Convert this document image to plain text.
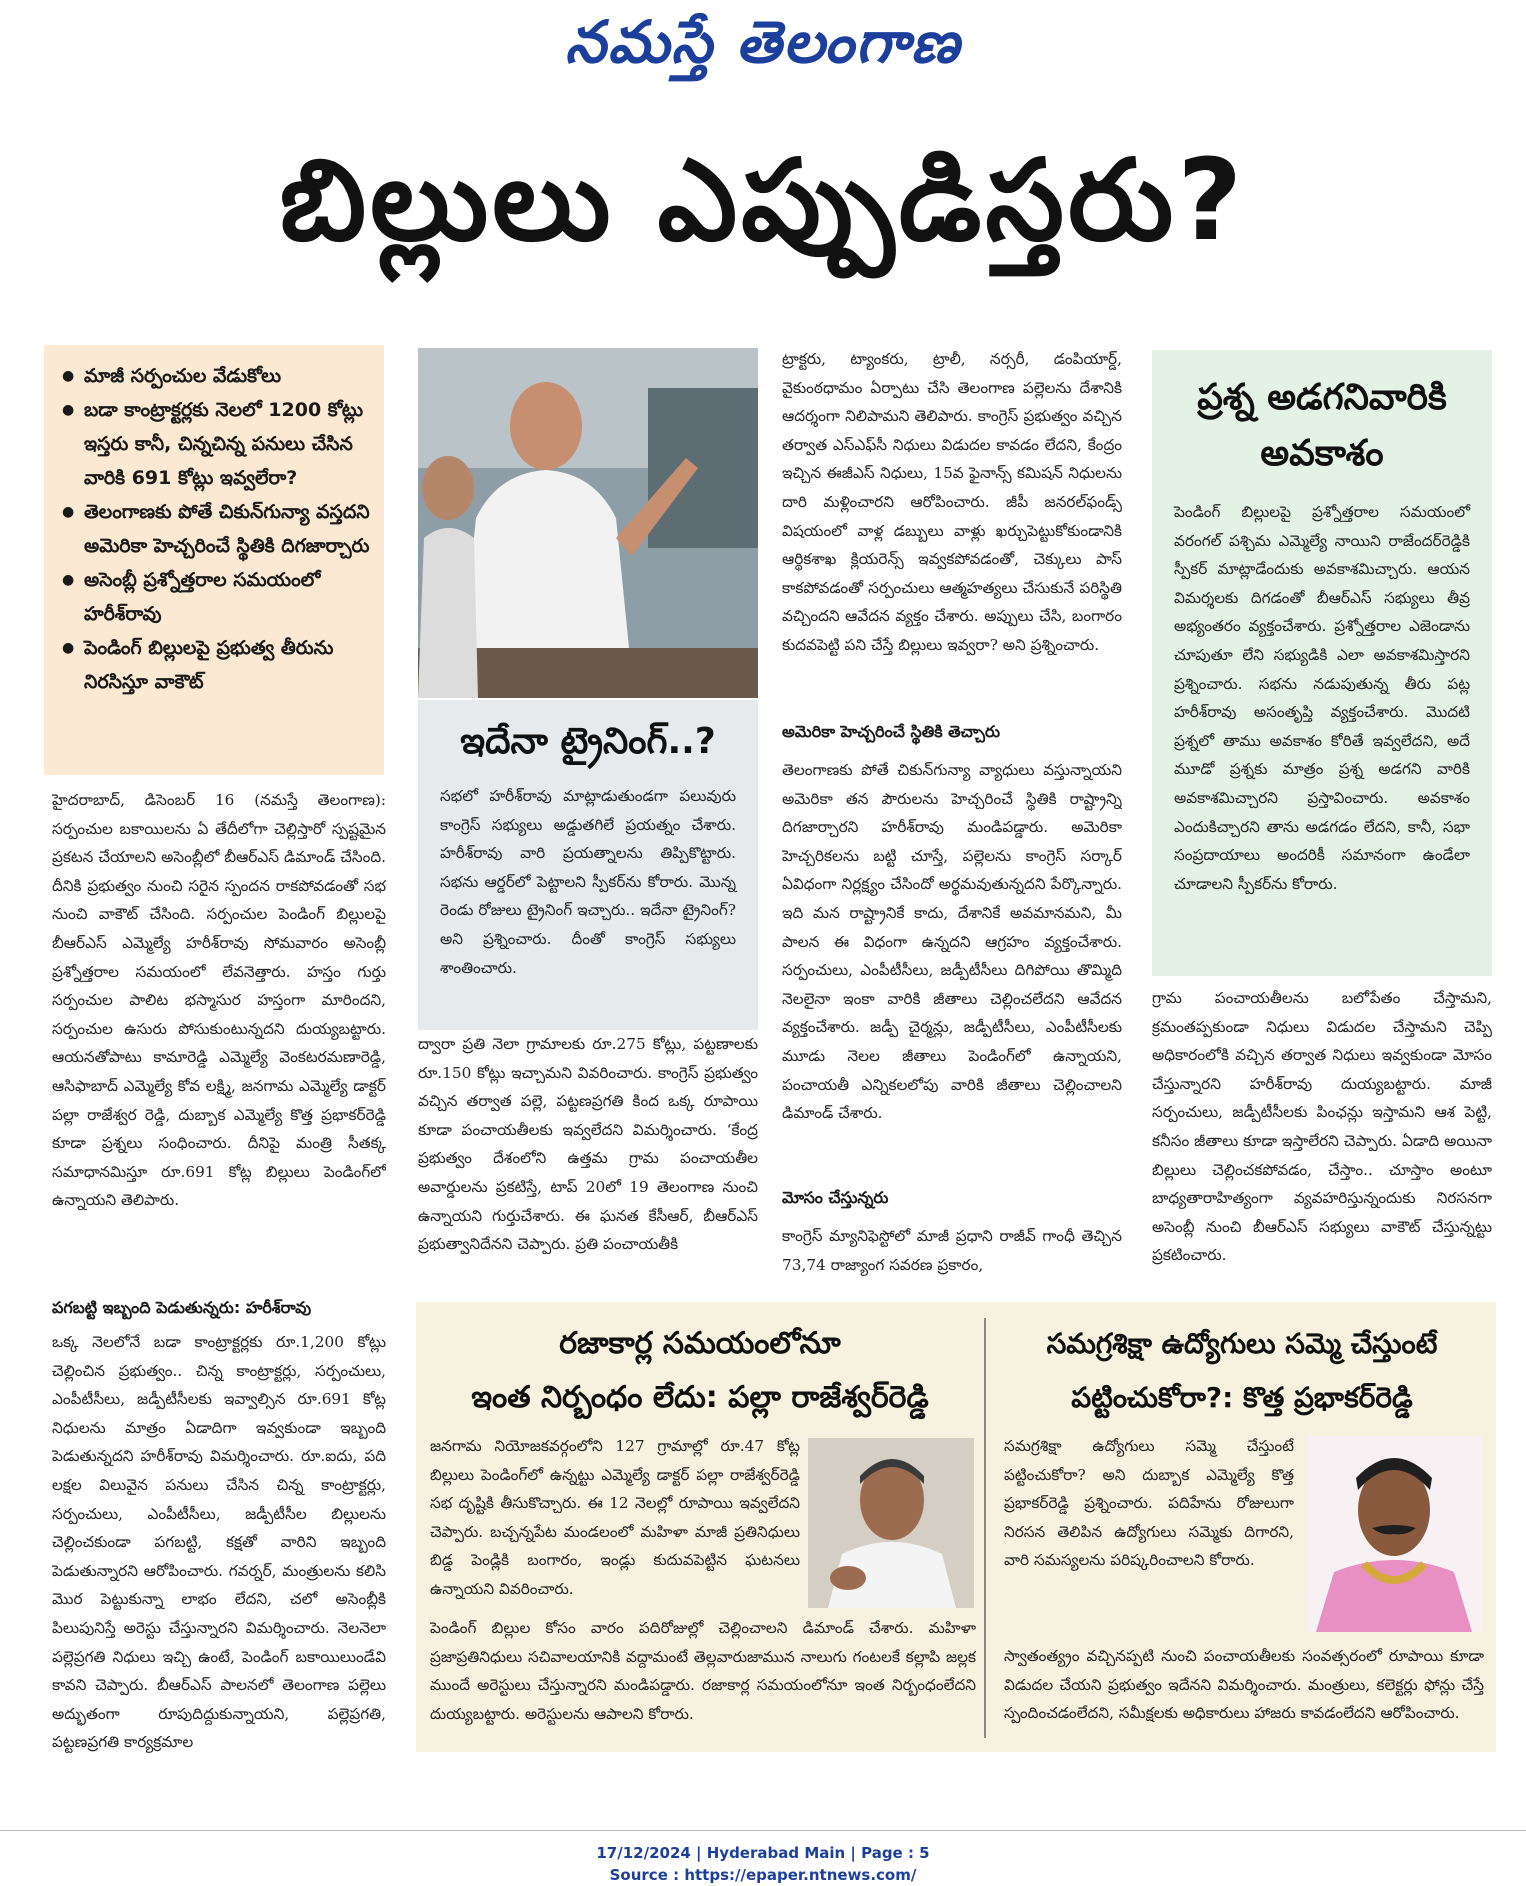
నమస్తే తెలంగాణ
బిల్లులు ఎప్పుడిస్తరు?
● మాజీ సర్పంచుల వేడుకోలు
● బడా కాంట్రాక్టర్లకు నెలలో 1200 కోట్లు ఇస్తరు కానీ, చిన్నచిన్న పనులు చేసిన వారికి 691 కోట్లు ఇవ్వలేరా?
● తెలంగాణకు పోతే చికున్‌గున్యా వస్తదని అమెరికా హెచ్చరించే స్థితికి దిగజార్చారు
● అసెంబ్లీ ప్రశ్నోత్తరాల సమయంలో హరీశ్‌రావు
● పెండింగ్ బిల్లులపై ప్రభుత్వ తీరును నిరసిస్తూ వాకౌట్
హైదరాబాద్, డిసెంబర్ 16 (నమస్తే తెలంగాణ): సర్పంచుల బకాయిలను ఏ తేదీలోగా చెల్లిస్తారో స్పష్టమైన ప్రకటన చేయాలని అసెంబ్లీలో బీఆర్‌ఎస్ డిమాండ్ చేసింది. దీనికి ప్రభుత్వం నుంచి సరైన స్పందన రాకపోవడంతో సభ నుంచి వాకౌట్ చేసింది. సర్పంచుల పెండింగ్ బిల్లులపై బీఆర్‌ఎస్ ఎమ్మెల్యే హరీశ్‌రావు సోమవారం అసెంబ్లీ ప్రశ్నోత్తరాల సమయంలో లేవనెత్తారు. హస్తం గుర్తు సర్పంచుల పాలిట భస్మాసుర హస్తంగా మారిందని, సర్పంచుల ఉసురు పోసుకుంటున్నదని దుయ్యబట్టారు. ఆయనతోపాటు కామారెడ్డి ఎమ్మెల్యే వెంకటరమణారెడ్డి, ఆసిఫాబాద్ ఎమ్మెల్యే కోవ లక్ష్మి, జనగామ ఎమ్మెల్యే డాక్టర్ పల్లా రాజేశ్వర రెడ్డి, దుబ్బాక ఎమ్మెల్యే కొత్త ప్రభాకర్‌రెడ్డి కూడా ప్రశ్నలు సంధించారు. దీనిపై మంత్రి సీతక్క సమాధానమిస్తూ రూ.691 కోట్ల బిల్లులు పెండింగ్‌లో ఉన్నాయని తెలిపారు.
పగబట్టి ఇబ్బంది పెడుతున్నరు: హరీశ్‌రావు
ఒక్క నెలలోనే బడా కాంట్రాక్టర్లకు రూ.1,200 కోట్లు చెల్లించిన ప్రభుత్వం.. చిన్న కాంట్రాక్టర్లు, సర్పంచులు, ఎంపీటీసీలు, జడ్పీటీసీలకు ఇవ్వాల్సిన రూ.691 కోట్ల నిధులను మాత్రం ఏడాదిగా ఇవ్వకుండా ఇబ్బంది పెడుతున్నదని హరీశ్‌రావు విమర్శించారు. రూ.ఐదు, పది లక్షల విలువైన పనులు చేసిన చిన్న కాంట్రాక్టర్లు, సర్పంచులు, ఎంపీటీసీలు, జడ్పీటీసీల బిల్లులను చెల్లించకుండా పగబట్టి, కక్షతో వారిని ఇబ్బంది పెడుతున్నారని ఆరోపించారు. గవర్నర్, మంత్రులను కలిసి మొర పెట్టుకున్నా లాభం లేదని, చలో అసెంబ్లీకి పిలుపునిస్తే అరెస్టు చేస్తున్నారని విమర్శించారు. నెలనెలా పల్లెప్రగతి నిధులు ఇచ్చి ఉంటే, పెండింగ్ బకాయిలుండేవి కావని చెప్పారు. బీఆర్‌ఎస్ పాలనలో తెలంగాణ పల్లెలు అద్భుతంగా రూపుదిద్దుకున్నాయని, పల్లెప్రగతి, పట్టణప్రగతి కార్యక్రమాల
ఇదేనా ట్రైనింగ్..?
సభలో హరీశ్‌రావు మాట్లాడుతుండగా పలువురు కాంగ్రెస్ సభ్యులు అడ్డుతగిలే ప్రయత్నం చేశారు. హరీశ్‌రావు వారి ప్రయత్నాలను తిప్పికొట్టారు. సభను ఆర్డర్‌లో పెట్టాలని స్పీకర్‌ను కోరారు. మొన్న రెండు రోజులు ట్రైనింగ్ ఇచ్చారు.. ఇదేనా ట్రైనింగ్? అని ప్రశ్నించారు. దీంతో కాంగ్రెస్ సభ్యులు శాంతించారు.
ద్వారా ప్రతి నెలా గ్రామాలకు రూ.275 కోట్లు, పట్టణాలకు రూ.150 కోట్లు ఇచ్చామని వివరించారు. కాంగ్రెస్ ప్రభుత్వం వచ్చిన తర్వాత పల్లె, పట్టణప్రగతి కింద ఒక్క రూపాయి కూడా పంచాయతీలకు ఇవ్వలేదని విమర్శించారు. ‘కేంద్ర ప్రభుత్వం దేశంలోని ఉత్తమ గ్రామ పంచాయతీల అవార్డులను ప్రకటిస్తే, టాప్ 20లో 19 తెలంగాణ నుంచి ఉన్నాయని గుర్తుచేశారు. ఈ ఘనత కేసీఆర్, బీఆర్‌ఎస్ ప్రభుత్వానిదేనని చెప్పారు. ప్రతి పంచాయతీకి
ట్రాక్టరు, ట్యాంకరు, ట్రాలీ, నర్సరీ, డంపియార్డ్, వైకుంఠధామం ఏర్పాటు చేసి తెలంగాణ పల్లెలను దేశానికి ఆదర్శంగా నిలిపామని తెలిపారు. కాంగ్రెస్ ప్రభుత్వం వచ్చిన తర్వాత ఎస్‌ఎఫ్‌సీ నిధులు విడుదల కావడం లేదని, కేంద్రం ఇచ్చిన ఈజీఎస్ నిధులు, 15వ ఫైనాన్స్ కమిషన్ నిధులను దారి మళ్లించారని ఆరోపించారు. జీపీ జనరల్‌ఫండ్స్ విషయంలో వాళ్ల డబ్బులు వాళ్లు ఖర్చుపెట్టుకోకుండానికి ఆర్థికశాఖ క్లియరెన్స్ ఇవ్వకపోవడంతో, చెక్కులు పాస్ కాకపోవడంతో సర్పంచులు ఆత్మహత్యలు చేసుకునే పరిస్థితి వచ్చిందని ఆవేదన వ్యక్తం చేశారు. అప్పులు చేసి, బంగారం కుదవపెట్టి పని చేస్తే బిల్లులు ఇవ్వరా? అని ప్రశ్నించారు.
అమెరికా హెచ్చరించే స్థితికి తెచ్చారు
తెలంగాణకు పోతే చికున్‌గున్యా వ్యాధులు వస్తున్నాయని అమెరికా తన పౌరులను హెచ్చరించే స్థితికి రాష్ట్రాన్ని దిగజార్చారని హరీశ్‌రావు మండిపడ్డారు. అమెరికా హెచ్చరికలను బట్టి చూస్తే, పల్లెలను కాంగ్రెస్ సర్కార్ ఏవిధంగా నిర్లక్ష్యం చేసిందో అర్థమవుతున్నదని పేర్కొన్నారు. ఇది మన రాష్ట్రానికే కాదు, దేశానికే అవమానమని, మీ పాలన ఈ విధంగా ఉన్నదని ఆగ్రహం వ్యక్తంచేశారు. సర్పంచులు, ఎంపీటీసీలు, జడ్పీటీసీలు దిగిపోయి తొమ్మిది నెలలైనా ఇంకా వారికి జీతాలు చెల్లించలేదని ఆవేదన వ్యక్తంచేశారు. జడ్పీ చైర్మన్లు, జడ్పీటీసీలు, ఎంపీటీసీలకు మూడు నెలల జీతాలు పెండింగ్‌లో ఉన్నాయని, పంచాయతీ ఎన్నికలలోపు వారికి జీతాలు చెల్లించాలని డిమాండ్ చేశారు.
మోసం చేస్తున్నరు
కాంగ్రెస్ మ్యానిఫెస్టోలో మాజీ ప్రధాని రాజీవ్ గాంధీ తెచ్చిన 73,74 రాజ్యాంగ సవరణ ప్రకారం,
ప్రశ్న అడగనివారికి అవకాశం
పెండింగ్ బిల్లులపై ప్రశ్నోత్తరాల సమయంలో వరంగల్ పశ్చిమ ఎమ్మెల్యే నాయిని రాజేందర్‌రెడ్డికి స్పీకర్ మాట్లాడేందుకు అవకాశమిచ్చారు. ఆయన విమర్శలకు దిగడంతో బీఆర్‌ఎస్ సభ్యులు తీవ్ర అభ్యంతరం వ్యక్తంచేశారు. ప్రశ్నోత్తరాల ఎజెండాను చూపుతూ లేని సభ్యుడికి ఎలా అవకాశమిస్తారని ప్రశ్నించారు. సభను నడుపుతున్న తీరు పట్ల హరీశ్‌రావు అసంతృప్తి వ్యక్తంచేశారు. మొదటి ప్రశ్నలో తాము అవకాశం కోరితే ఇవ్వలేదని, అదే మూడో ప్రశ్నకు మాత్రం ప్రశ్న అడగని వారికి అవకాశమిచ్చారని ప్రస్తావించారు. అవకాశం ఎందుకిచ్చారని తాను అడగడం లేదని, కానీ, సభా సంప్రదాయాలు అందరికీ సమానంగా ఉండేలా చూడాలని స్పీకర్‌ను కోరారు.
గ్రామ పంచాయతీలను బలోపేతం చేస్తామని, క్రమంతప్పకుండా నిధులు విడుదల చేస్తామని చెప్పి అధికారంలోకి వచ్చిన తర్వాత నిధులు ఇవ్వకుండా మోసం చేస్తున్నారని హరీశ్‌రావు దుయ్యబట్టారు. మాజీ సర్పంచులు, జడ్పీటీసీలకు పింఛన్లు ఇస్తామని ఆశ పెట్టి, కనీసం జీతాలు కూడా ఇస్తాలేరని చెప్పారు. ఏడాది అయినా బిల్లులు చెల్లించకపోవడం, చేస్తాం.. చూస్తాం అంటూ బాధ్యతారాహిత్యంగా వ్యవహరిస్తున్నందుకు నిరసనగా అసెంబ్లీ నుంచి బీఆర్‌ఎస్ సభ్యులు వాకౌట్ చేస్తున్నట్టు ప్రకటించారు.
రజాకార్ల సమయంలోనూ
ఇంత నిర్బంధం లేదు: పల్లా రాజేశ్వర్‌రెడ్డి
జనగామ నియోజకవర్గంలోని 127 గ్రామాల్లో రూ.47 కోట్ల బిల్లులు పెండింగ్‌లో ఉన్నట్టు ఎమ్మెల్యే డాక్టర్ పల్లా రాజేశ్వర్‌రెడ్డి సభ దృష్టికి తీసుకొచ్చారు. ఈ 12 నెలల్లో రూపాయి ఇవ్వలేదని చెప్పారు. బచ్చన్నపేట మండలంలో మహిళా మాజీ ప్రతినిధులు బిడ్డ పెండ్లికి బంగారం, ఇండ్లు కుదువపెట్టిన ఘటనలు ఉన్నాయని వివరించారు.
పెండింగ్ బిల్లుల కోసం వారం పదిరోజుల్లో చెల్లించాలని డిమాండ్ చేశారు. మహిళా ప్రజాప్రతినిధులు సచివాలయానికి వద్దామంటే తెల్లవారుజామున నాలుగు గంటలకే కల్లాపి జల్లక ముందే అరెస్టులు చేస్తున్నారని మండిపడ్డారు. రజాకార్ల సమయంలోనూ ఇంత నిర్బంధంలేదని దుయ్యబట్టారు. అరెస్టులను ఆపాలని కోరారు.
సమగ్రశిక్షా ఉద్యోగులు సమ్మె చేస్తుంటే
పట్టించుకోరా?: కొత్త ప్రభాకర్‌రెడ్డి
సమగ్రశిక్షా ఉద్యోగులు సమ్మె చేస్తుంటే పట్టించుకోరా? అని దుబ్బాక ఎమ్మెల్యే కొత్త ప్రభాకర్‌రెడ్డి ప్రశ్నించారు. పదిహేను రోజులుగా నిరసన తెలిపిన ఉద్యోగులు సమ్మెకు దిగారని, వారి సమస్యలను పరిష్కరించాలని కోరారు.
స్వాతంత్య్రం వచ్చినప్పటి నుంచి పంచాయతీలకు సంవత్సరంలో రూపాయి కూడా విడుదల చేయని ప్రభుత్వం ఇదేనని విమర్శించారు. మంత్రులు, కలెక్టర్లు ఫోన్లు చేస్తే స్పందించడంలేదని, సమీక్షలకు అధికారులు హాజరు కావడంలేదని ఆరోపించారు.
17/12/2024 | Hyderabad Main | Page : 5
Source : https://epaper.ntnews.com/
